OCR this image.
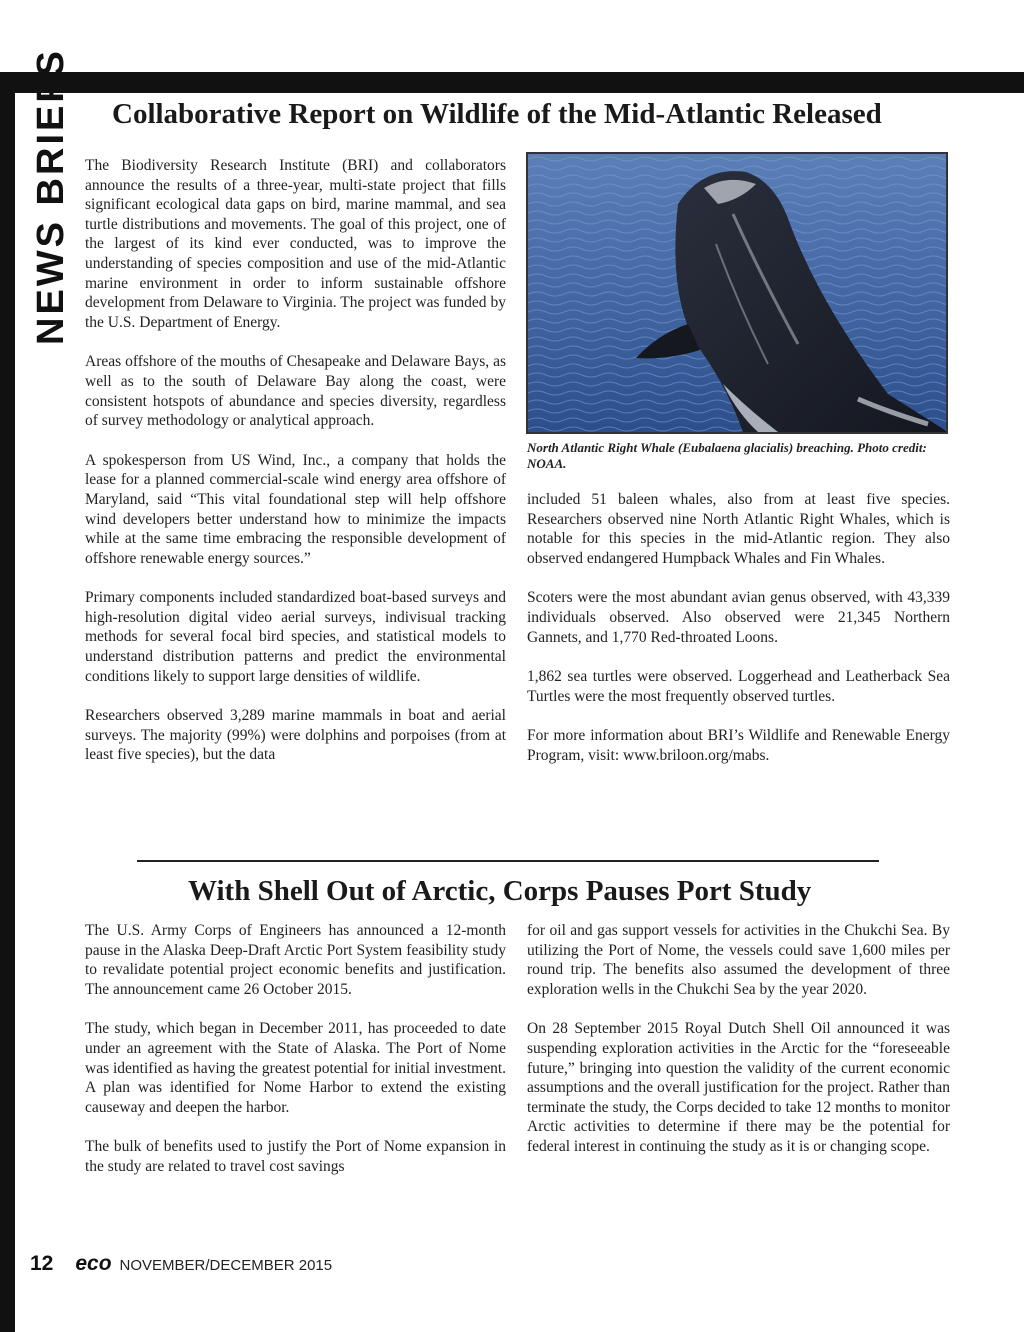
NEWS BRIEFS Collaborative Report on Wildlife of the Mid-Atlantic Released

The Biodiversity Research Institute (BRI) and collaborators announce the results of a three-year, multi-state project that fills significant ecological data gaps on bird, marine mammal, and sea turtle distributions and movements. The goal of this project, one of the largest of its kind ever conducted, was to improve the understanding of species composition and use of the mid-Atlantic marine environment in order to inform sustainable offshore development from Delaware to Virginia. The project was funded by the U.S. Department of Energy.

Areas offshore of the mouths of Chesapeake and Delaware Bays, as well as to the south of Delaware Bay along the coast, were consistent hotspots of abundance and species diversity, regardless of survey methodology or analytical approach.

A spokesperson from US Wind, Inc., a company that holds the lease for a planned commercial-scale wind energy area offshore of Maryland, said “This vital foundational step will help offshore wind developers better understand how to minimize the impacts while at the same time embracing the responsible development of offshore renewable energy sources.”

Primary components included standardized boat-based surveys and high-resolution digital video aerial surveys, indivisual tracking methods for several focal bird species, and statistical models to understand distribution patterns and predict the environmental conditions likely to support large densities of wildlife.

Researchers observed 3,289 marine mammals in boat and aerial surveys. The majority (99%) were dolphins and porpoises (from at least five species), but the data

North Atlantic Right Whale (Eubalaena glacialis) breaching. Photo credit: NOAA.

included 51 baleen whales, also from at least five species. Researchers observed nine North Atlantic Right Whales, which is notable for this species in the mid-Atlantic region. They also observed endangered Humpback Whales and Fin Whales.

Scoters were the most abundant avian genus observed, with 43,339 individuals observed. Also observed were 21,345 Northern Gannets, and 1,770 Red-throated Loons.

1,862 sea turtles were observed. Loggerhead and Leatherback Sea Turtles were the most frequently observed turtles.

For more information about BRI’s Wildlife and Renewable Energy Program, visit: www.briloon.org/mabs.

With Shell Out of Arctic, Corps Pauses Port Study

The U.S. Army Corps of Engineers has announced a 12-month pause in the Alaska Deep-Draft Arctic Port System feasibility study to revalidate potential project economic benefits and justification. The announcement came 26 October 2015.

The study, which began in December 2011, has proceeded to date under an agreement with the State of Alaska. The Port of Nome was identified as having the greatest potential for initial investment. A plan was identified for Nome Harbor to extend the existing causeway and deepen the harbor.

The bulk of benefits used to justify the Port of Nome expansion in the study are related to travel cost savings

for oil and gas support vessels for activities in the Chukchi Sea. By utilizing the Port of Nome, the vessels could save 1,600 miles per round trip. The benefits also assumed the development of three exploration wells in the Chukchi Sea by the year 2020.

On 28 September 2015 Royal Dutch Shell Oil announced it was suspending exploration activities in the Arctic for the “foreseeable future,” bringing into question the validity of the current economic assumptions and the overall justification for the project. Rather than terminate the study, the Corps decided to take 12 months to monitor Arctic activities to determine if there may be the potential for federal interest in continuing the study as it is or changing scope.

12 eco NOVEMBER/DECEMBER 2015
